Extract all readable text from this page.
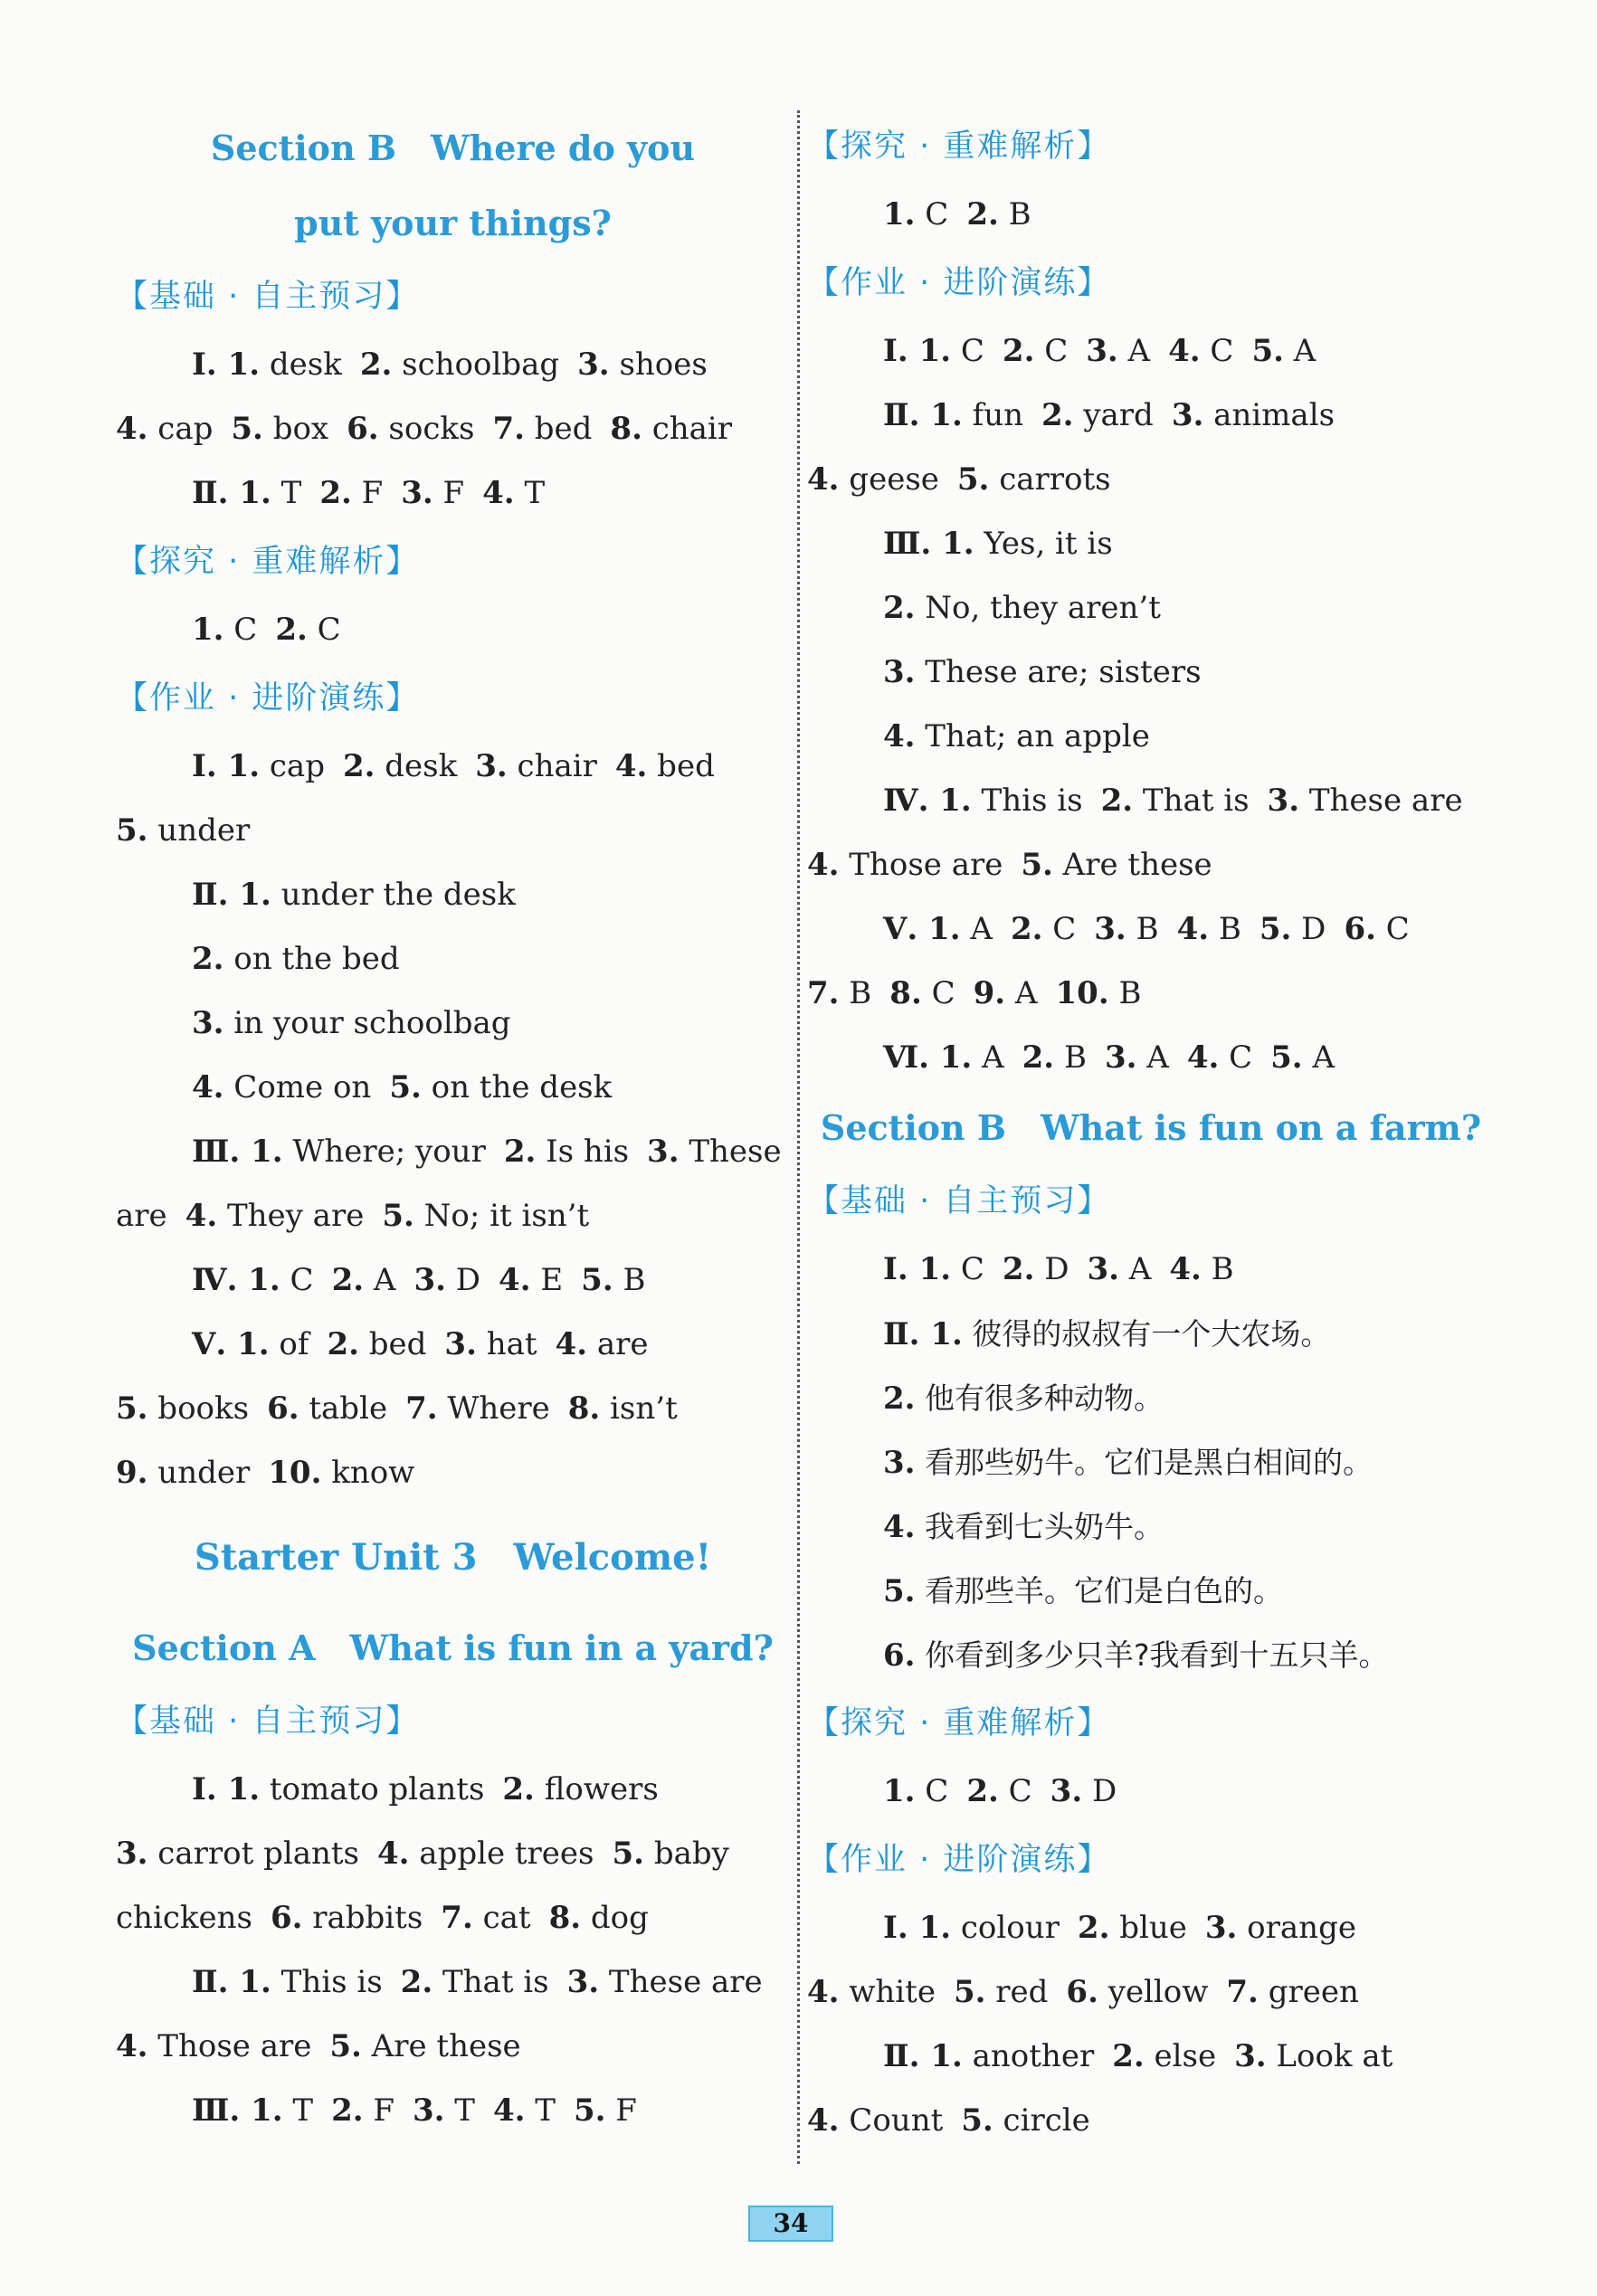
Section B Where do you
put your things?
【基础 · 自主预习】
Ⅰ. 1. desk 2. schoolbag 3. shoes
4. cap 5. box 6. socks 7. bed 8. chair
Ⅱ. 1. T 2. F 3. F 4. T
【探究 · 重难解析】
1. C 2. C
【作业 · 进阶演练】
Ⅰ. 1. cap 2. desk 3. chair 4. bed
5. under
Ⅱ. 1. under the desk
2. on the bed
3. in your schoolbag
4. Come on 5. on the desk
Ⅲ. 1. Where; your 2. Is his 3. These
are 4. They are 5. No; it isn’t
Ⅳ. 1. C 2. A 3. D 4. E 5. B
Ⅴ. 1. of 2. bed 3. hat 4. are
5. books 6. table 7. Where 8. isn’t
9. under 10. know
Starter Unit 3 Welcome!
Section A What is fun in a yard?
【基础 · 自主预习】
Ⅰ. 1. tomato plants 2. flowers
3. carrot plants 4. apple trees 5. baby
chickens 6. rabbits 7. cat 8. dog
Ⅱ. 1. This is 2. That is 3. These are
4. Those are 5. Are these
Ⅲ. 1. T 2. F 3. T 4. T 5. F
【探究 · 重难解析】
1. C 2. B
【作业 · 进阶演练】
Ⅰ. 1. C 2. C 3. A 4. C 5. A
Ⅱ. 1. fun 2. yard 3. animals
4. geese 5. carrots
Ⅲ. 1. Yes, it is
2. No, they aren’t
3. These are; sisters
4. That; an apple
Ⅳ. 1. This is 2. That is 3. These are
4. Those are 5. Are these
Ⅴ. 1. A 2. C 3. B 4. B 5. D 6. C
7. B 8. C 9. A 10. B
Ⅵ. 1. A 2. B 3. A 4. C 5. A
Section B What is fun on a farm?
【基础 · 自主预习】
Ⅰ. 1. C 2. D 3. A 4. B
Ⅱ. 1. 彼得的叔叔有一个大农场。
2. 他有很多种动物。
3. 看那些奶牛。它们是黑白相间的。
4. 我看到七头奶牛。
5. 看那些羊。它们是白色的。
6. 你看到多少只羊?我看到十五只羊。
【探究 · 重难解析】
1. C 2. C 3. D
【作业 · 进阶演练】
Ⅰ. 1. colour 2. blue 3. orange
4. white 5. red 6. yellow 7. green
Ⅱ. 1. another 2. else 3. Look at
4. Count 5. circle
34
